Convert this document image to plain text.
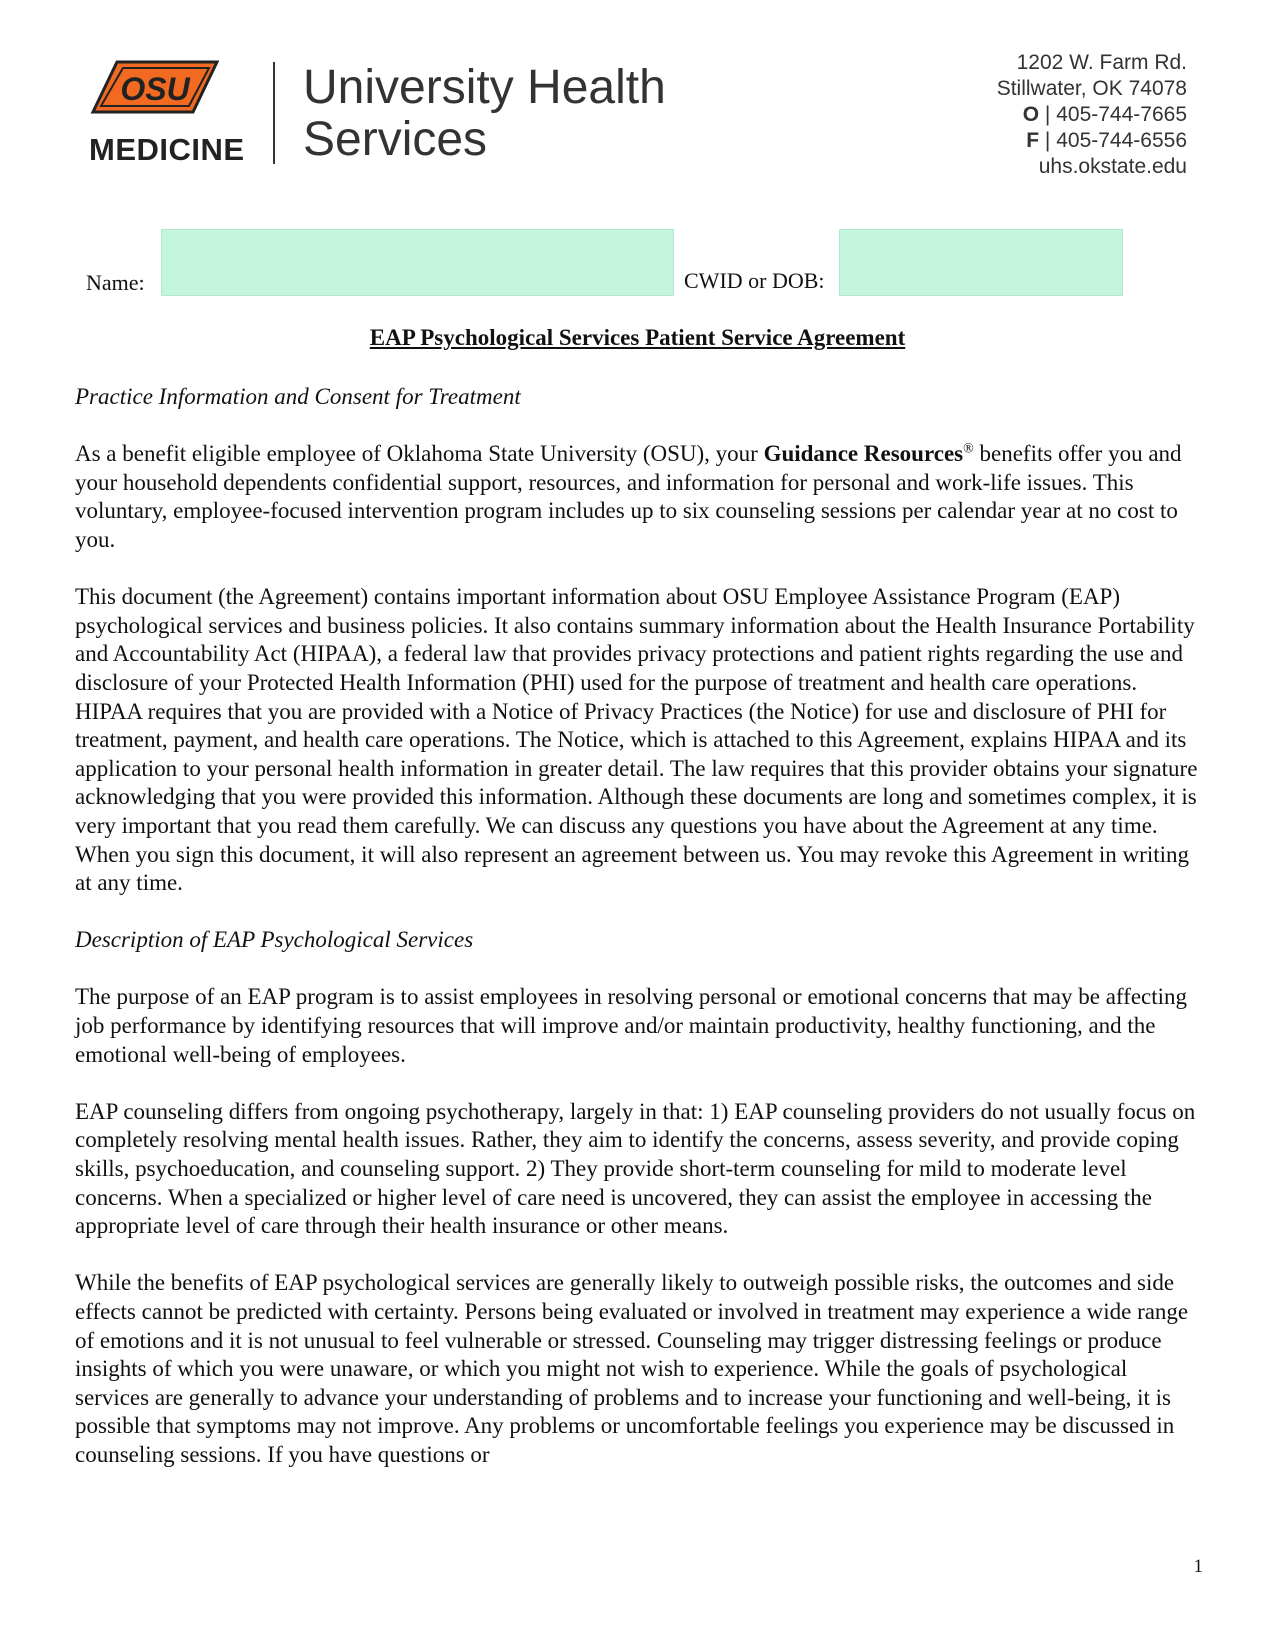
OSU
MEDICINE
University Health
Services
1202 W. Farm Rd.
Stillwater, OK 74078
O | 405-744-7665
F | 405-744-6556
uhs.okstate.edu
Name:	CWID or DOB:
EAP Psychological Services Patient Service Agreement
Practice Information and Consent for Treatment

As a benefit eligible employee of Oklahoma State University (OSU), your Guidance Resources® benefits offer you and your household dependents confidential support, resources, and information for personal and work-life issues. This voluntary, employee-focused intervention program includes up to six counseling sessions per calendar year at no cost to you.

This document (the Agreement) contains important information about OSU Employee Assistance Program (EAP) psychological services and business policies. It also contains summary information about the Health Insurance Portability and Accountability Act (HIPAA), a federal law that provides privacy protections and patient rights regarding the use and disclosure of your Protected Health Information (PHI) used for the purpose of treatment and health care operations. HIPAA requires that you are provided with a Notice of Privacy Practices (the Notice) for use and disclosure of PHI for treatment, payment, and health care operations. The Notice, which is attached to this Agreement, explains HIPAA and its application to your personal health information in greater detail. The law requires that this provider obtains your signature acknowledging that you were provided this information. Although these documents are long and sometimes complex, it is very important that you read them carefully. We can discuss any questions you have about the Agreement at any time. When you sign this document, it will also represent an agreement between us. You may revoke this Agreement in writing at any time.

Description of EAP Psychological Services

The purpose of an EAP program is to assist employees in resolving personal or emotional concerns that may be affecting job performance by identifying resources that will improve and/or maintain productivity, healthy functioning, and the emotional well-being of employees.

EAP counseling differs from ongoing psychotherapy, largely in that: 1) EAP counseling providers do not usually focus on completely resolving mental health issues. Rather, they aim to identify the concerns, assess severity, and provide coping skills, psychoeducation, and counseling support. 2) They provide short-term counseling for mild to moderate level concerns. When a specialized or higher level of care need is uncovered, they can assist the employee in accessing the appropriate level of care through their health insurance or other means.

While the benefits of EAP psychological services are generally likely to outweigh possible risks, the outcomes and side effects cannot be predicted with certainty. Persons being evaluated or involved in treatment may experience a wide range of emotions and it is not unusual to feel vulnerable or stressed. Counseling may trigger distressing feelings or produce insights of which you were unaware, or which you might not wish to experience. While the goals of psychological services are generally to advance your understanding of problems and to increase your functioning and well-being, it is possible that symptoms may not improve. Any problems or uncomfortable feelings you experience may be discussed in counseling sessions. If you have questions or

1
